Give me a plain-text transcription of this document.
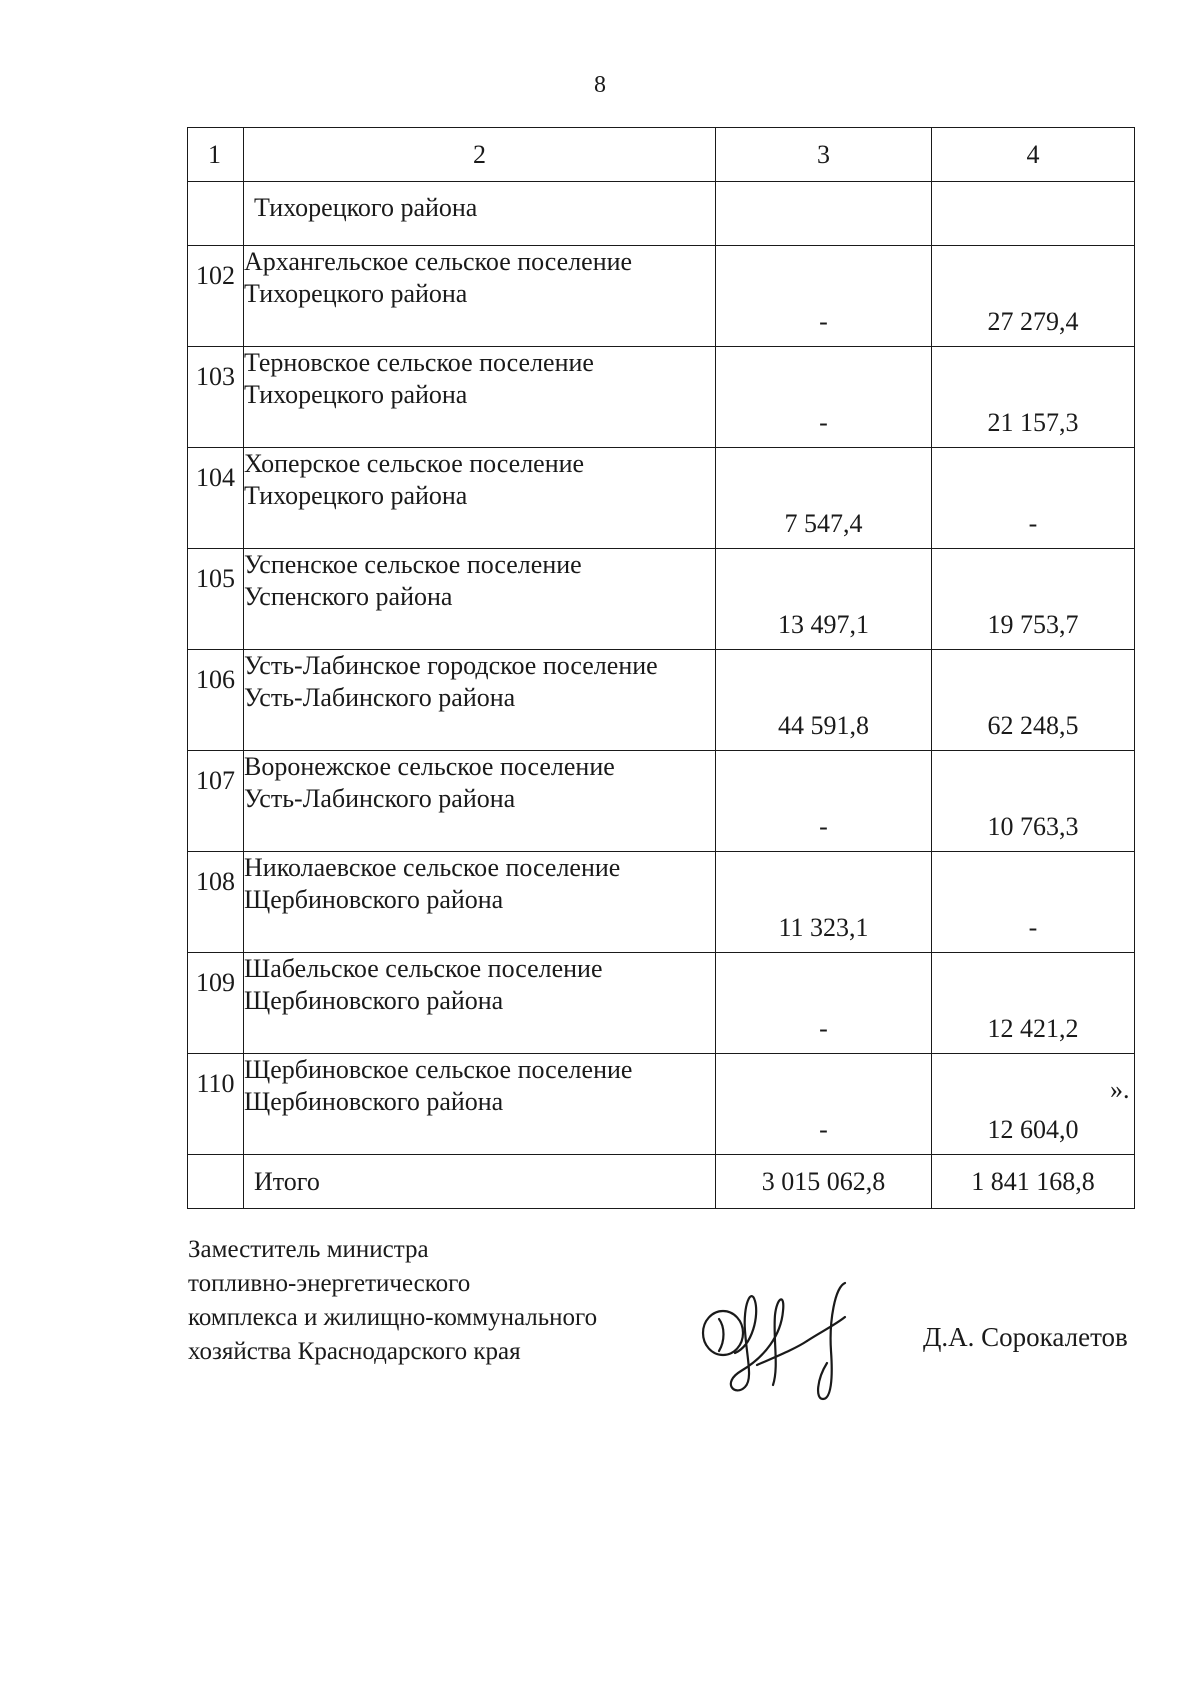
8
1	2	3	4
	Тихорецкого района		
102	Архангельское сельское поселение
Тихорецкого района	-	27 279,4
103	Терновское сельское поселение
Тихорецкого района	-	21 157,3
104	Хоперское сельское поселение
Тихорецкого района	7 547,4	-
105	Успенское сельское поселение
Успенского района	13 497,1	19 753,7
106	Усть-Лабинское городское поселение
Усть-Лабинского района	44 591,8	62 248,5
107	Воронежское сельское поселение
Усть-Лабинского района	-	10 763,3
108	Николаевское сельское поселение
Щербиновского района	11 323,1	-
109	Шабельское сельское поселение
Щербиновского района	-	12 421,2
110	Щербиновское сельское поселение
Щербиновского района	-	12 604,0
	Итого	3 015 062,8	1 841 168,8
».
Заместитель министра
топливно-энергетического
комплекса и жилищно-коммунального
хозяйства Краснодарского края	Д.А. Сорокалетов
